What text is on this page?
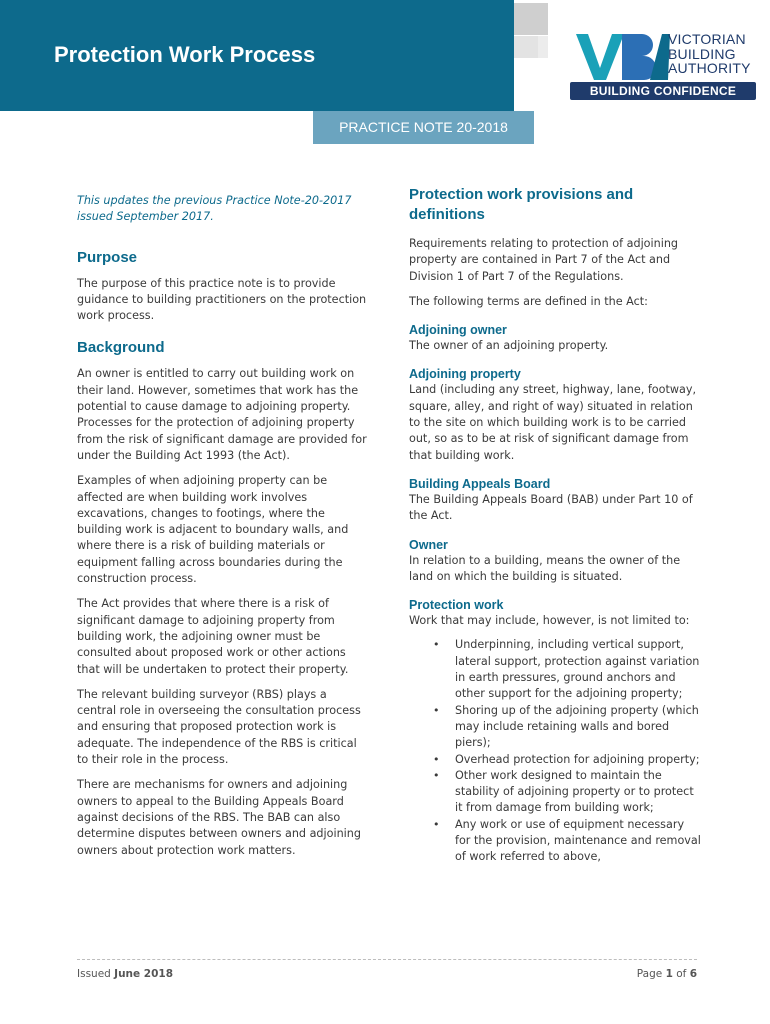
Protection Work Process
VICTORIAN
BUILDING
AUTHORITY
BUILDING CONFIDENCE
PRACTICE NOTE 20-2018
This updates the previous Practice Note-20-2017 issued September 2017.
Purpose
The purpose of this practice note is to provide guidance to building practitioners on the protection work process.
Background
An owner is entitled to carry out building work on their land. However, sometimes that work has the potential to cause damage to adjoining property. Processes for the protection of adjoining property from the risk of significant damage are provided for under the Building Act 1993 (the Act).
Examples of when adjoining property can be affected are when building work involves excavations, changes to footings, where the building work is adjacent to boundary walls, and where there is a risk of building materials or equipment falling across boundaries during the construction process.
The Act provides that where there is a risk of significant damage to adjoining property from building work, the adjoining owner must be consulted about proposed work or other actions that will be undertaken to protect their property.
The relevant building surveyor (RBS) plays a central role in overseeing the consultation process and ensuring that proposed protection work is adequate. The independence of the RBS is critical to their role in the process.
There are mechanisms for owners and adjoining owners to appeal to the Building Appeals Board against decisions of the RBS. The BAB can also determine disputes between owners and adjoining owners about protection work matters.
Protection work provisions and definitions
Requirements relating to protection of adjoining property are contained in Part 7 of the Act and Division 1 of Part 7 of the Regulations.
The following terms are defined in the Act:
Adjoining owner
The owner of an adjoining property.
Adjoining property
Land (including any street, highway, lane, footway, square, alley, and right of way) situated in relation to the site on which building work is to be carried out, so as to be at risk of significant damage from that building work.
Building Appeals Board
The Building Appeals Board (BAB) under Part 10 of the Act.
Owner
In relation to a building, means the owner of the land on which the building is situated.
Protection work
Work that may include, however, is not limited to:
• Underpinning, including vertical support, lateral support, protection against variation in earth pressures, ground anchors and other support for the adjoining property;
• Shoring up of the adjoining property (which may include retaining walls and bored piers);
• Overhead protection for adjoining property;
• Other work designed to maintain the stability of adjoining property or to protect it from damage from building work;
• Any work or use of equipment necessary for the provision, maintenance and removal of work referred to above,
Issued June 2018	Page 1 of 6
